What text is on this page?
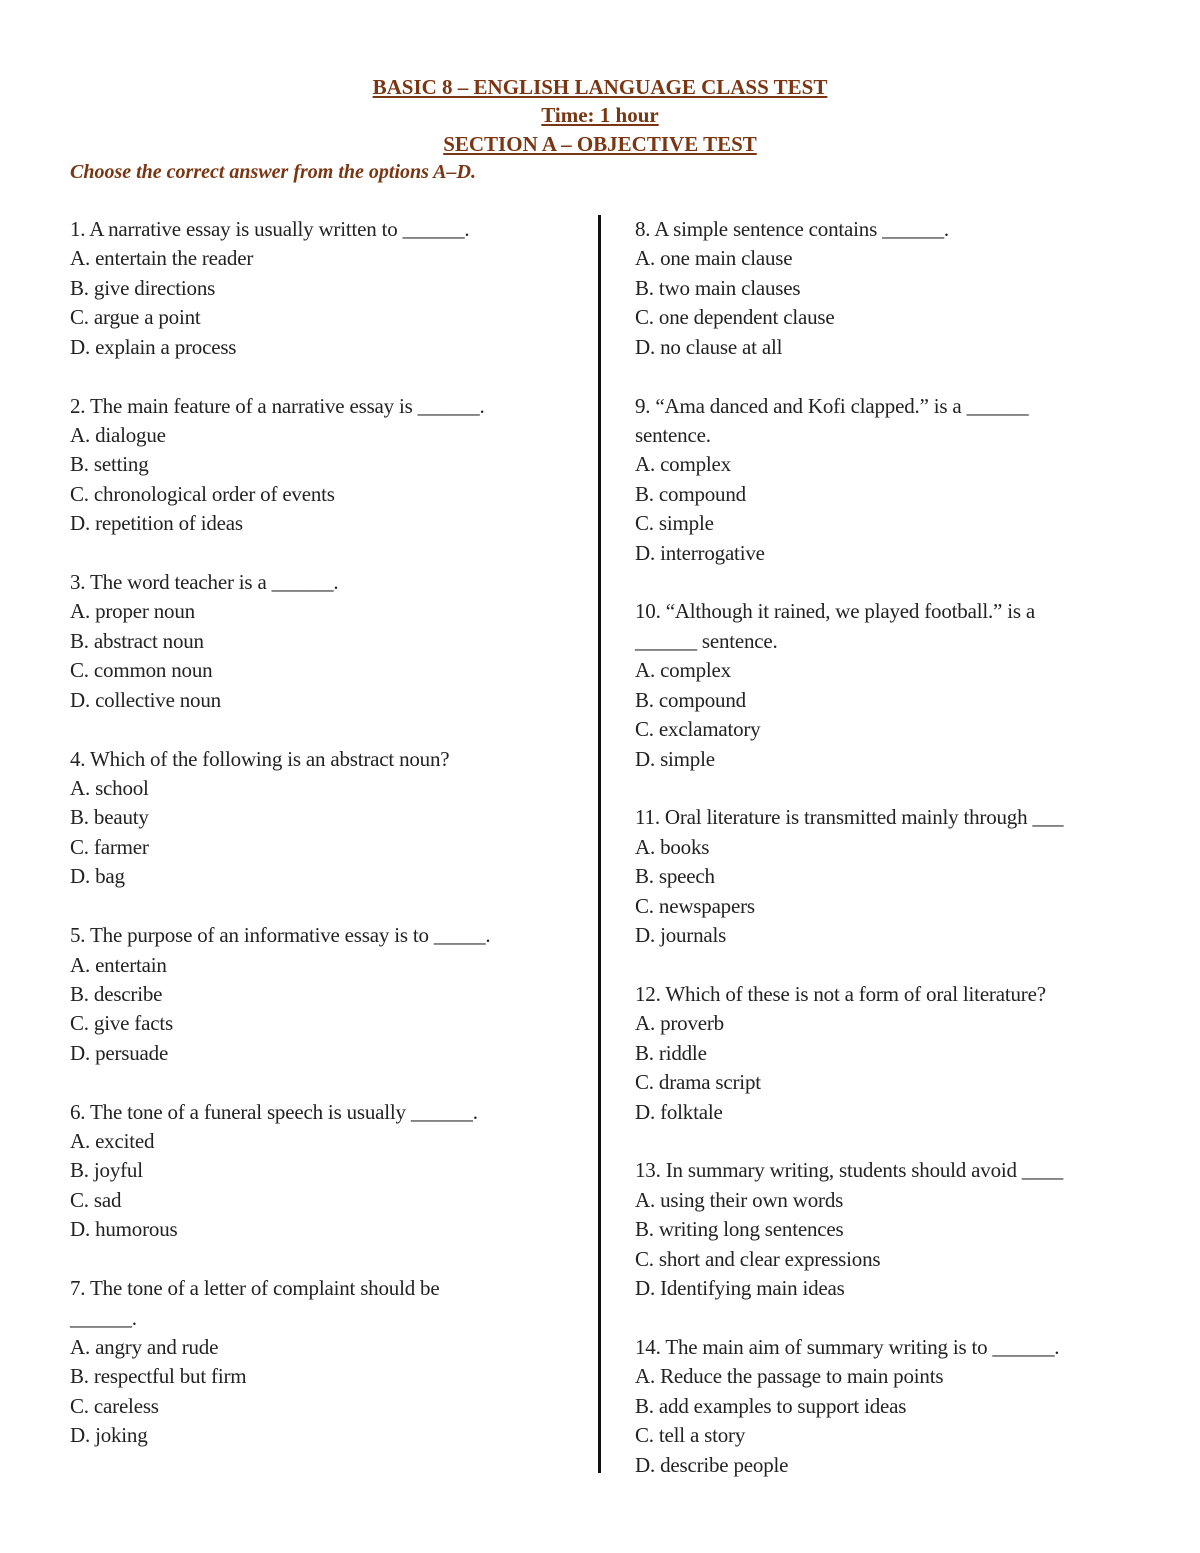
BASIC 8 – ENGLISH LANGUAGE CLASS TEST

Time: 1 hour

SECTION A – OBJECTIVE TEST

Choose the correct answer from the options A–D.

1. A narrative essay is usually written to ______.

A. entertain the reader

B. give directions

C. argue a point

D. explain a process

2. The main feature of a narrative essay is ______.

A. dialogue

B. setting

C. chronological order of events

D. repetition of ideas

3. The word teacher is a ______.

A. proper noun

B. abstract noun

C. common noun

D. collective noun

4. Which of the following is an abstract noun?

A. school

B. beauty

C. farmer

D. bag

5. The purpose of an informative essay is to _____.

A. entertain

B. describe

C. give facts

D. persuade

6. The tone of a funeral speech is usually ______.

A. excited

B. joyful

C. sad

D. humorous

7. The tone of a letter of complaint should be

______.

A. angry and rude

B. respectful but firm

C. careless

D. joking

8. A simple sentence contains ______.

A. one main clause

B. two main clauses

C. one dependent clause

D. no clause at all

9. “Ama danced and Kofi clapped.” is a ______

sentence.

A. complex

B. compound

C. simple

D. interrogative

10. “Although it rained, we played football.” is a

______ sentence.

A. complex

B. compound

C. exclamatory

D. simple

11. Oral literature is transmitted mainly through ___

A. books

B. speech

C. newspapers

D. journals

12. Which of these is not a form of oral literature?

A. proverb

B. riddle

C. drama script

D. folktale

13. In summary writing, students should avoid ____

A. using their own words

B. writing long sentences

C. short and clear expressions

D. Identifying main ideas

14. The main aim of summary writing is to ______.

A. Reduce the passage to main points

B. add examples to support ideas

C. tell a story

D. describe people
